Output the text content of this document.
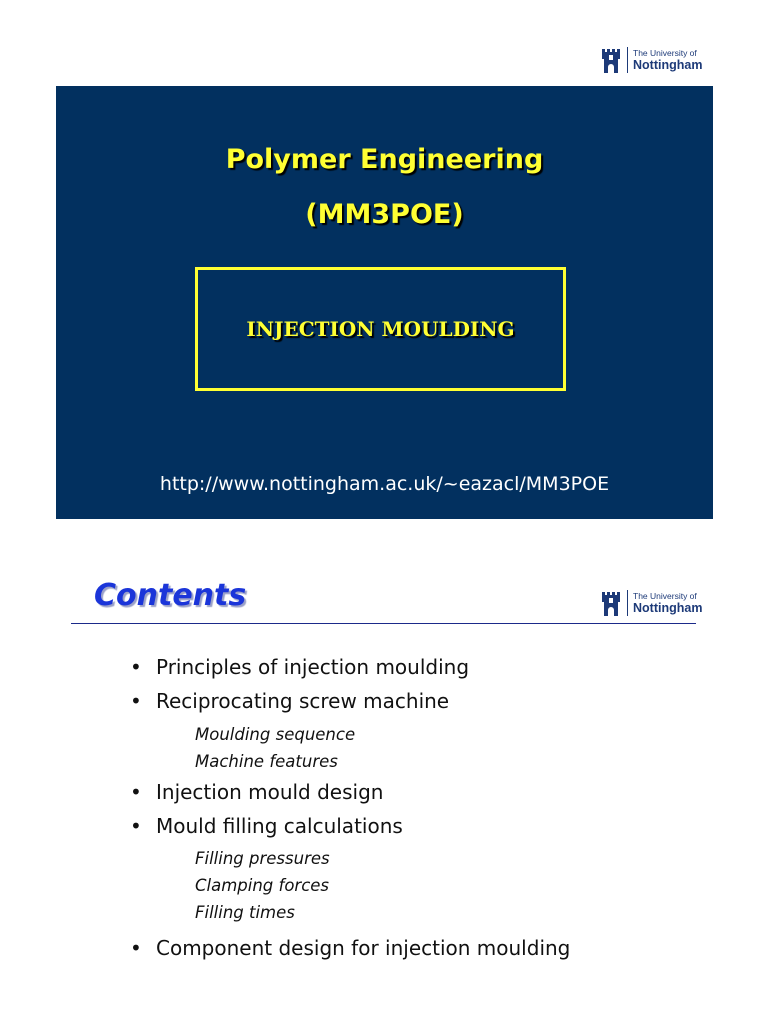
The University of
Nottingham
Polymer Engineering
(MM3POE)
INJECTION MOULDING
http://www.nottingham.ac.uk/~eazacl/MM3POE
Contents	The University of
Nottingham
• Principles of injection moulding
• Reciprocating screw machine
Moulding sequence
Machine features
• Injection mould design
• Mould filling calculations
Filling pressures
Clamping forces
Filling times
• Component design for injection moulding
